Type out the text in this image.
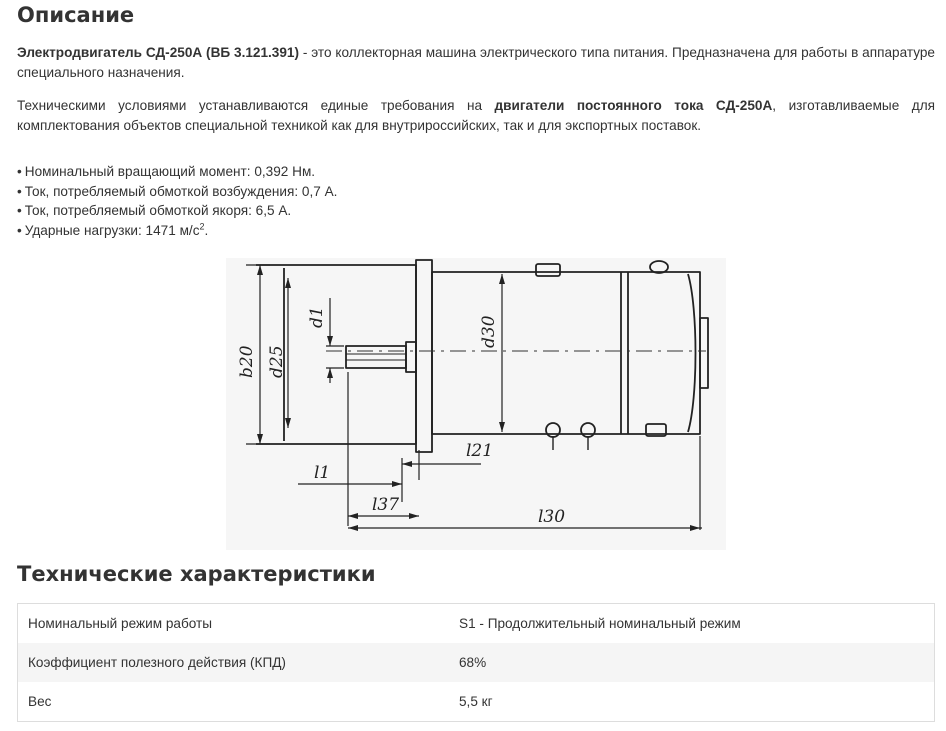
Описание

Электродвигатель СД-250А (ВБ 3.121.391) - это коллекторная машина электрического типа питания. Предназначена для работы в аппаратуре специального назначения.

Техническими условиями устанавливаются единые требования на двигатели постоянного тока СД-250А, изготавливаемые для комплектования объектов специальной техникой как для внутрироссийских, так и для экспортных поставок.

• Номинальный вращающий момент: 0,392 Нм.
• Ток, потребляемый обмоткой возбуждения: 0,7 А.
• Ток, потребляемый обмоткой якоря: 6,5 А.
• Ударные нагрузки: 1471 $м/с^2$.
b20 d25
d1	d30
l1
l37
l21
l30
Технические характеристики
Номинальный режим работы	S1 - Продолжительный номинальный режим
Коэффициент полезного действия (КПД)	68%
Вес	5,5 кг
